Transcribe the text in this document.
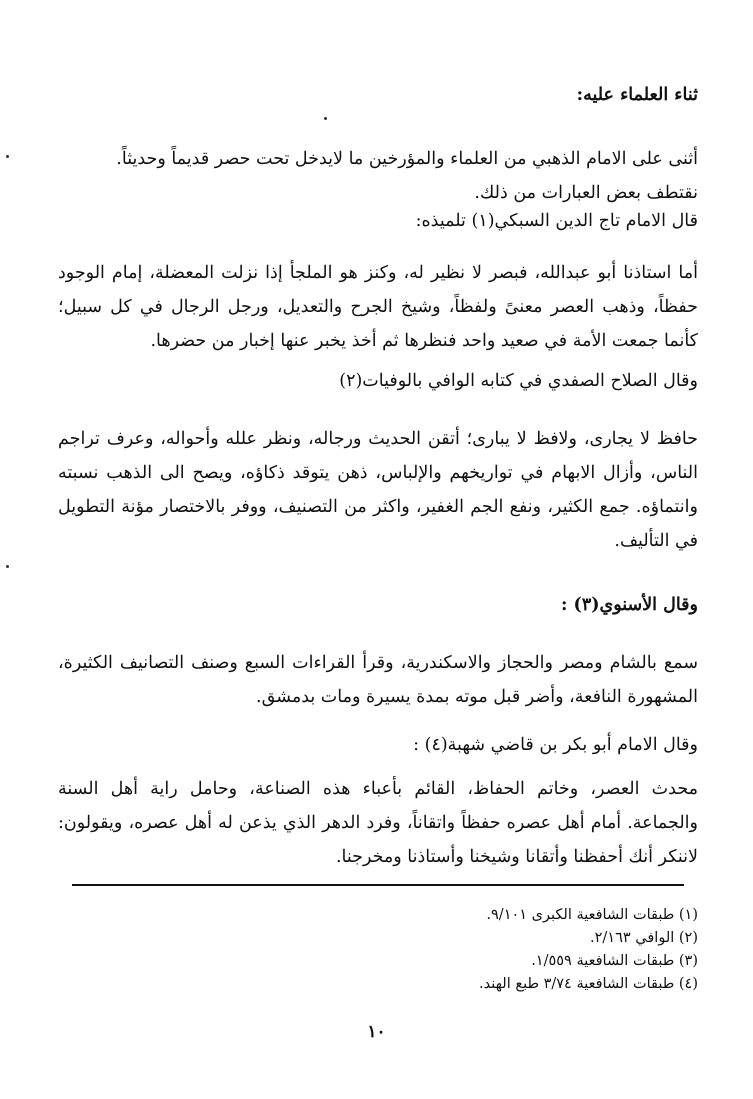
ثناء العلماء عليه:
أثنى على الامام الذهبي من العلماء والمؤرخين ما لايدخل تحت حصر قديماً وحديثاً.
نقتطف بعض العبارات من ذلك.
قال الامام تاج الدين السبكي(١) تلميذه:
أما استاذنا أبو عبدالله، فبصر لا نظير له، وكنز هو الملجأ إذا نزلت المعضلة، إمام الوجود حفظاً، وذهب العصر معنىً ولفظاً، وشيخ الجرح والتعديل، ورجل الرجال في كل سبيل؛ كأنما جمعت الأمة في صعيد واحد فنظرها ثم أخذ يخبر عنها إخبار من حضرها.
وقال الصلاح الصفدي في كتابه الوافي بالوفيات(٢)
حافظ لا يجارى، ولافظ لا يبارى؛ أتقن الحديث ورجاله، ونظر علله وأحواله، وعرف تراجم الناس، وأزال الابهام في تواريخهم والإلباس، ذهن يتوقد ذكاؤه، ويصح الى الذهب نسبته وانتماؤه. جمع الكثير، ونفع الجم الغفير، واكثر من التصنيف، ووفر بالاختصار مؤنة التطويل في التأليف.
وقال الأسنوي(٣) :
سمع بالشام ومصر والحجاز والاسكندرية، وقرأ القراءات السبع وصنف التصانيف الكثيرة، المشهورة النافعة، وأضر قبل موته بمدة يسيرة ومات بدمشق.
وقال الامام أبو بكر بن قاضي شهبة(٤) :
محدث العصر، وخاتم الحفاظ، القائم بأعباء هذه الصناعة، وحامل راية أهل السنة والجماعة. أمام أهل عصره حفظاً واتقاناً، وفرد الدهر الذي يذعن له أهل عصره، ويقولون: لاننكر أنك أحفظنا وأتقانا وشيخنا وأستاذنا ومخرجنا.
(١) طبقات الشافعية الكبرى ٩/١٠١.
(٢) الوافي ٢/١٦٣.
(٣) طبقات الشافعية ١/٥٥٩.
(٤) طبقات الشافعية ٣/٧٤ طبع الهند.
١٠
